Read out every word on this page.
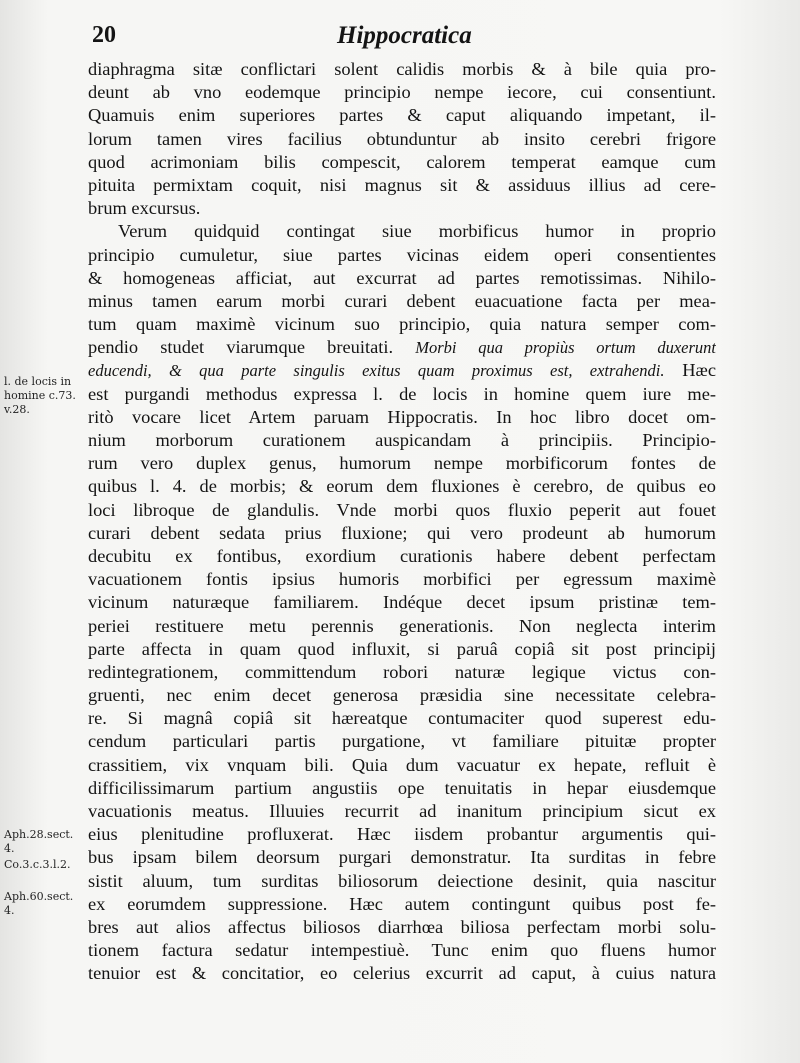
20	Hippocratica
l. de locis in
homine c.73.
v.28.
Aph.28.sect.
4.
Co.3.c.3.l.2.
Aph.60.sect.
4.
diaphragma sitæ conflictari solent calidis morbis & à bile quia pro-
deunt ab vno eodemque principio nempe iecore, cui consentiunt.
Quamuis enim superiores partes & caput aliquando impetant, il-
lorum tamen vires facilius obtunduntur ab insito cerebri frigore
quod acrimoniam bilis compescit, calorem temperat eamque cum
pituita permixtam coquit, nisi magnus sit & assiduus illius ad cere-
brum excursus.
Verum quidquid contingat siue morbificus humor in proprio
principio cumuletur, siue partes vicinas eidem operi consentientes
& homogeneas afficiat, aut excurrat ad partes remotissimas. Nihilo-
minus tamen earum morbi curari debent euacuatione facta per mea-
tum quam maximè vicinum suo principio, quia natura semper com-
pendio studet viarumque breuitati. Morbi qua propiùs ortum duxerunt
educendi, & qua parte singulis exitus quam proximus est, extrahendi. Hæc
est purgandi methodus expressa l. de locis in homine quem iure me-
ritò vocare licet Artem paruam Hippocratis. In hoc libro docet om-
nium morborum curationem auspicandam à principiis. Principio-
rum vero duplex genus, humorum nempe morbificorum fontes de
quibus l. 4. de morbis; & eorum dem fluxiones è cerebro, de quibus eo
loci libroque de glandulis. Vnde morbi quos fluxio peperit aut fouet
curari debent sedata prius fluxione; qui vero prodeunt ab humorum
decubitu ex fontibus, exordium curationis habere debent perfectam
vacuationem fontis ipsius humoris morbifici per egressum maximè
vicinum naturæque familiarem. Indéque decet ipsum pristinæ tem-
periei restituere metu perennis generationis. Non neglecta interim
parte affecta in quam quod influxit, si paruâ copiâ sit post principij
redintegrationem, committendum robori naturæ legique victus con-
gruenti, nec enim decet generosa præsidia sine necessitate celebra-
re. Si magnâ copiâ sit hæreatque contumaciter quod superest edu-
cendum particulari partis purgatione, vt familiare pituitæ propter
crassitiem, vix vnquam bili. Quia dum vacuatur ex hepate, refluit è
difficilissimarum partium angustiis ope tenuitatis in hepar eiusdemque
vacuationis meatus. Illuuies recurrit ad inanitum principium sicut ex
eius plenitudine profluxerat. Hæc iisdem probantur argumentis qui-
bus ipsam bilem deorsum purgari demonstratur. Ita surditas in febre
sistit aluum, tum surditas biliosorum deiectione desinit, quia nascitur
ex eorumdem suppressione. Hæc autem contingunt quibus post fe-
bres aut alios affectus biliosos diarrhœa biliosa perfectam morbi solu-
tionem factura sedatur intempestiuè. Tunc enim quo fluens humor
tenuior est & concitatior, eo celerius excurrit ad caput, à cuius natura
